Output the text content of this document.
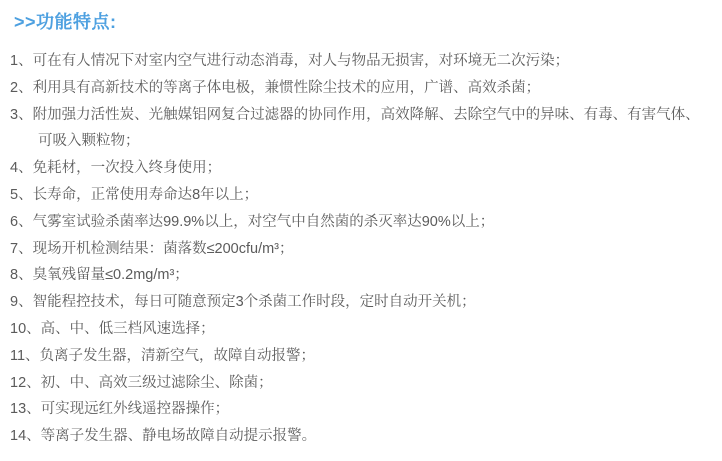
>>功能特点:
1、可在有人情况下对室内空气进行动态消毒，对人与物品无损害，对环境无二次污染；
2、利用具有高新技术的等离子体电极，兼惯性除尘技术的应用，广谱、高效杀菌；
3、附加强力活性炭、光触媒铝网复合过滤器的协同作用，高效降解、去除空气中的异味、有毒、有害气体、可吸入颗粒物；
4、免耗材，一次投入终身使用；
5、长寿命，正常使用寿命达8年以上；
6、气雾室试验杀菌率达99.9%以上，对空气中自然菌的杀灭率达90%以上；
7、现场开机检测结果：菌落数≤200cfu/m³；
8、臭氧残留量≤0.2mg/m³；
9、智能程控技术，每日可随意预定3个杀菌工作时段，定时自动开关机；
10、高、中、低三档风速选择；
11、负离子发生器，清新空气，故障自动报警；
12、初、中、高效三级过滤除尘、除菌；
13、可实现远红外线遥控器操作；
14、等离子发生器、静电场故障自动提示报警。
